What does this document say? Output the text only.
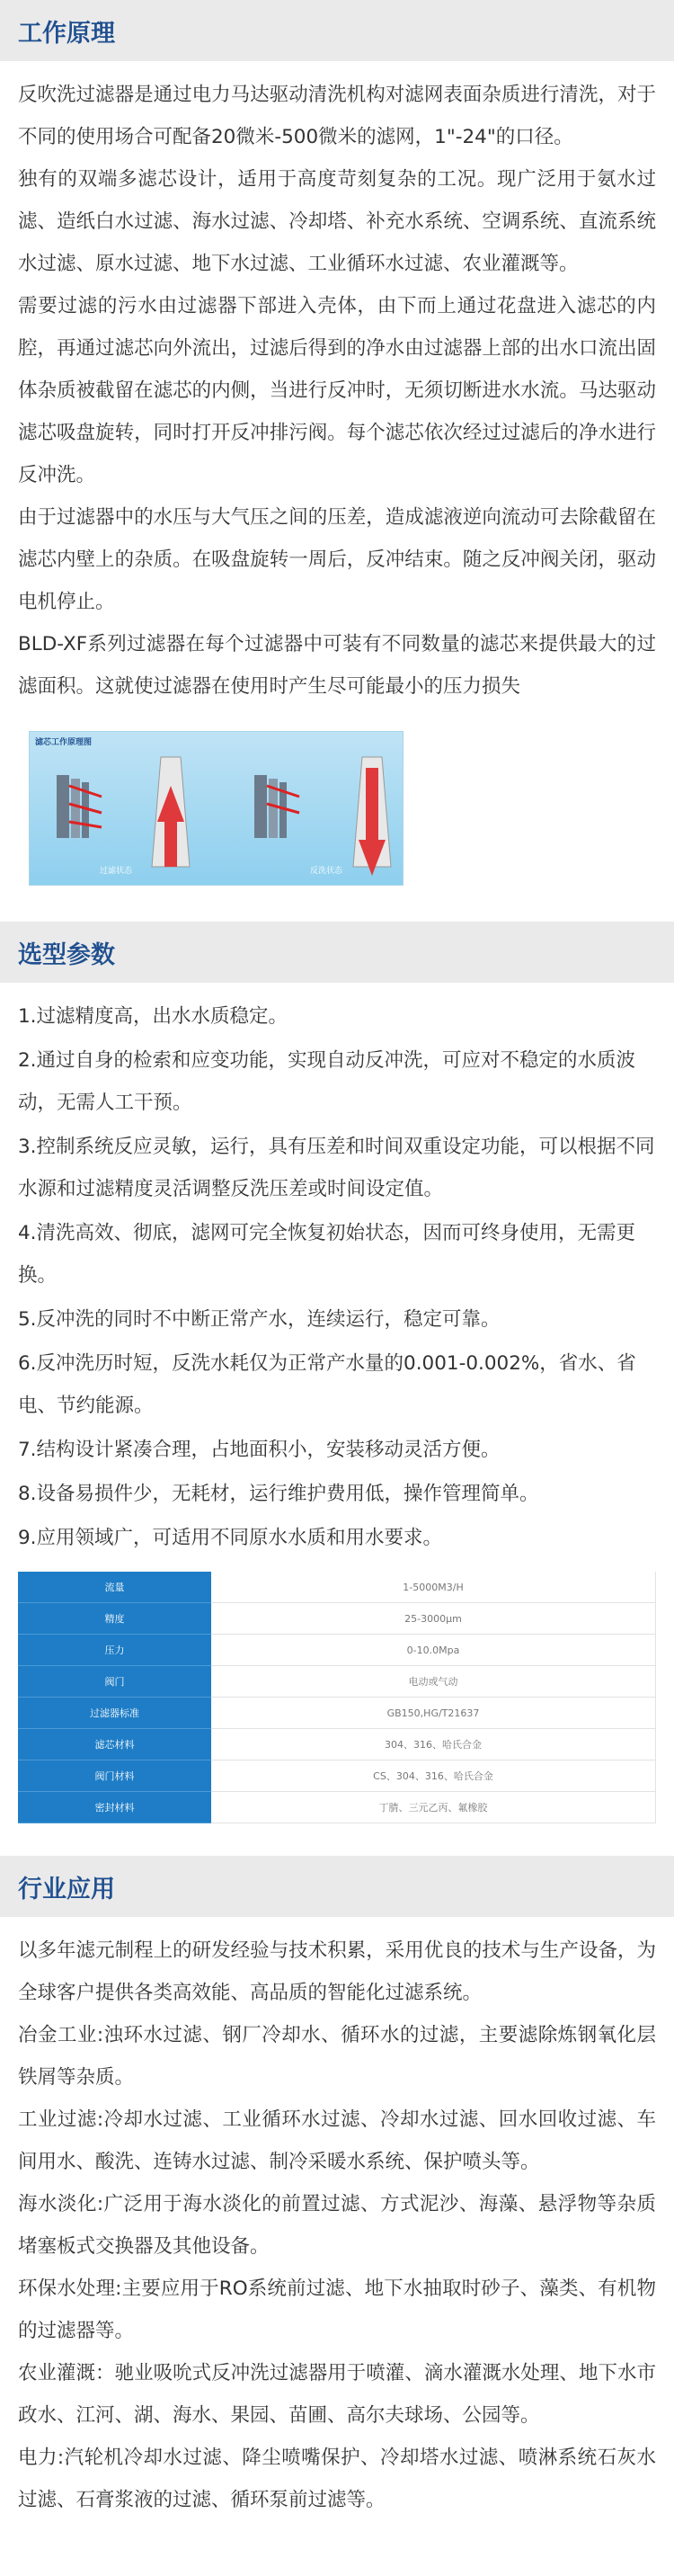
工作原理

反吹洗过滤器是通过电力马达驱动清洗机构对滤网表面杂质进行清洗，对于不同的使用场合可配备20微米-500微米的滤网，1"-24"的口径。

独有的双端多滤芯设计，适用于高度苛刻复杂的工况。现广泛用于氨水过滤、造纸白水过滤、海水过滤、冷却塔、补充水系统、空调系统、直流系统水过滤、原水过滤、地下水过滤、工业循环水过滤、农业灌溉等。

需要过滤的污水由过滤器下部进入壳体，由下而上通过花盘进入滤芯的内腔，再通过滤芯向外流出，过滤后得到的净水由过滤器上部的出水口流出固体杂质被截留在滤芯的内侧，当进行反冲时，无须切断进水水流。马达驱动滤芯吸盘旋转，同时打开反冲排污阀。每个滤芯依次经过过滤后的净水进行反冲洗。

由于过滤器中的水压与大气压之间的压差，造成滤液逆向流动可去除截留在滤芯内壁上的杂质。在吸盘旋转一周后，反冲结束。随之反冲阀关闭，驱动电机停止。

BLD-XF系列过滤器在每个过滤器中可装有不同数量的滤芯来提供最大的过滤面积。这就使过滤器在使用时产生尽可能最小的压力损失

滤芯工作原理图
过滤状态	反洗状态
选型参数

1.过滤精度高，出水水质稳定。

2.通过自身的检索和应变功能，实现自动反冲洗，可应对不稳定的水质波动，无需人工干预。

3.控制系统反应灵敏，运行，具有压差和时间双重设定功能，可以根据不同水源和过滤精度灵活调整反洗压差或时间设定值。

4.清洗高效、彻底，滤网可完全恢复初始状态，因而可终身使用，无需更换。

5.反冲洗的同时不中断正常产水，连续运行，稳定可靠。

6.反冲洗历时短，反洗水耗仅为正常产水量的0.001-0.002%，省水、省电、节约能源。

7.结构设计紧凑合理，占地面积小，安装移动灵活方便。

8.设备易损件少，无耗材，运行维护费用低，操作管理简单。

9.应用领域广，可适用不同原水水质和用水要求。

流量	1-5000M3/H
精度	25-3000μm
压力	0-10.0Mpa
阀门	电动或气动
过滤器标准	GB150,HG/T21637
滤芯材料	304、316、哈氏合金
阀门材料	CS、304、316、哈氏合金
密封材料	丁腈、三元乙丙、氟橡胶
行业应用

以多年滤元制程上的研发经验与技术积累，采用优良的技术与生产设备，为全球客户提供各类高效能、高品质的智能化过滤系统。

冶金工业:浊环水过滤、钢厂冷却水、循环水的过滤，主要滤除炼钢氧化层铁屑等杂质。

工业过滤:冷却水过滤、工业循环水过滤、冷却水过滤、回水回收过滤、车间用水、酸洗、连铸水过滤、制冷采暖水系统、保护喷头等。

海水淡化:广泛用于海水淡化的前置过滤、方式泥沙、海藻、悬浮物等杂质堵塞板式交换器及其他设备。

环保水处理:主要应用于RO系统前过滤、地下水抽取时砂子、藻类、有机物的过滤器等。

农业灌溉：驰业吸吮式反冲洗过滤器用于喷灌、滴水灌溉水处理、地下水市政水、江河、湖、海水、果园、苗圃、高尔夫球场、公园等。

电力:汽轮机冷却水过滤、降尘喷嘴保护、冷却塔水过滤、喷淋系统石灰水过滤、石膏浆液的过滤、循环泵前过滤等。
